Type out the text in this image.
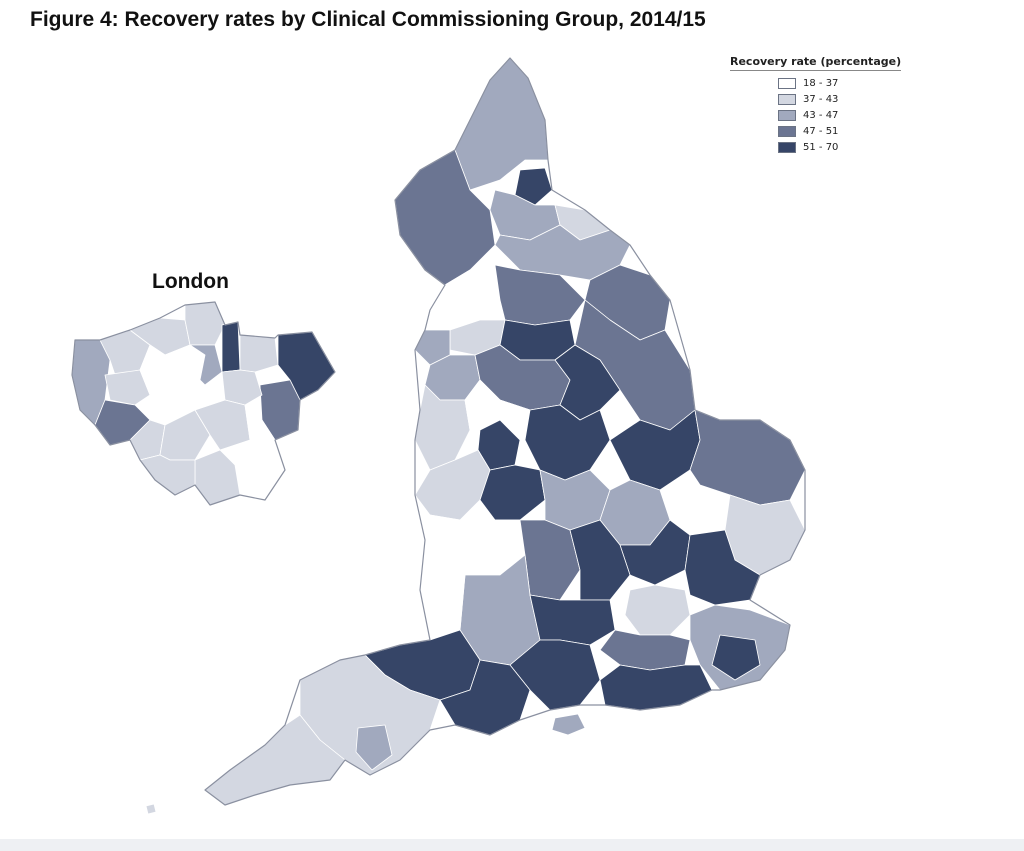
Figure 4: Recovery rates by Clinical Commissioning Group, 2014/15
London
Recovery rate (percentage)
18 - 37
37 - 43
43 - 47
47 - 51
51 - 70
